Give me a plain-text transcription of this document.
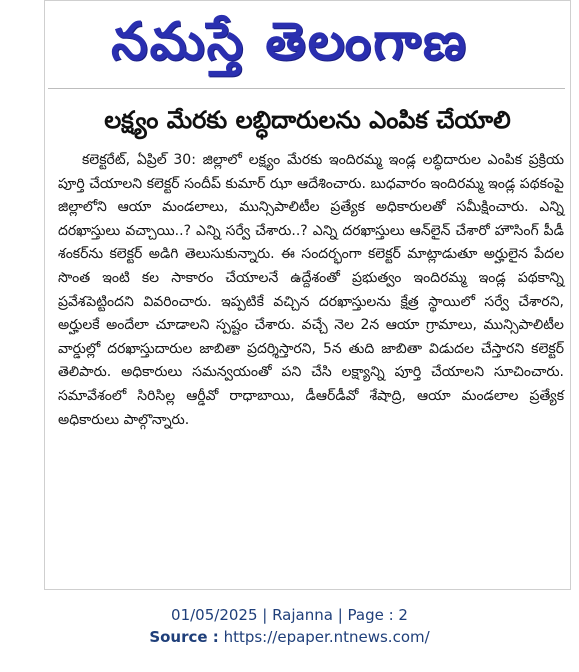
నమస్తే తెలంగాణ
లక్ష్యం మేరకు లబ్ధిదారులను ఎంపిక చేయాలి

కలెక్టరేట్, ఏప్రిల్ 30: జిల్లాలో లక్ష్యం మేరకు ఇందిరమ్మ ఇండ్ల లబ్ధిదారుల ఎంపిక ప్రక్రియ పూర్తి చేయాలని కలెక్టర్ సందీప్ కుమార్ ఝా ఆదేశించారు. బుధవారం ఇందిరమ్మ ఇండ్ల పథకంపై జిల్లాలోని ఆయా మండలాలు, మున్సిపాలిటీల ప్రత్యేక అధికారులతో సమీక్షించారు. ఎన్ని దరఖాస్తులు వచ్చాయి..? ఎన్ని సర్వే చేశారు..? ఎన్ని దరఖాస్తులు ఆన్‌లైన్ చేశారో హౌసింగ్ పీడీ శంకర్‌ను కలెక్టర్ అడిగి తెలుసుకున్నారు. ఈ సందర్భంగా కలెక్టర్ మాట్లాడుతూ అర్హులైన పేదల సొంత ఇంటి కల సాకారం చేయాలనే ఉద్దేశంతో ప్రభుత్వం ఇందిరమ్మ ఇండ్ల పథకాన్ని ప్రవేశపెట్టిందని వివరించారు. ఇప్పటికే వచ్చిన దరఖాస్తులను క్షేత్ర స్థాయిలో సర్వే చేశారని, అర్హులకే అందేలా చూడాలని స్పష్టం చేశారు. వచ్చే నెల 2న ఆయా గ్రామాలు, మున్సిపాలిటీల వార్డుల్లో దరఖాస్తుదారుల జాబితా ప్రదర్శిస్తారని, 5న తుది జాబితా విడుదల చేస్తారని కలెక్టర్ తెలిపారు. అధికారులు సమన్వయంతో పని చేసి లక్ష్యాన్ని పూర్తి చేయాలని సూచించారు. సమావేశంలో సిరిసిల్ల ఆర్డీవో రాధాబాయి, డీఆర్‌డీవో శేషాద్రి, ఆయా మండలాల ప్రత్యేక అధికారులు పాల్గొన్నారు.

01/05/2025 | Rajanna | Page : 2
Source : https://epaper.ntnews.com/
